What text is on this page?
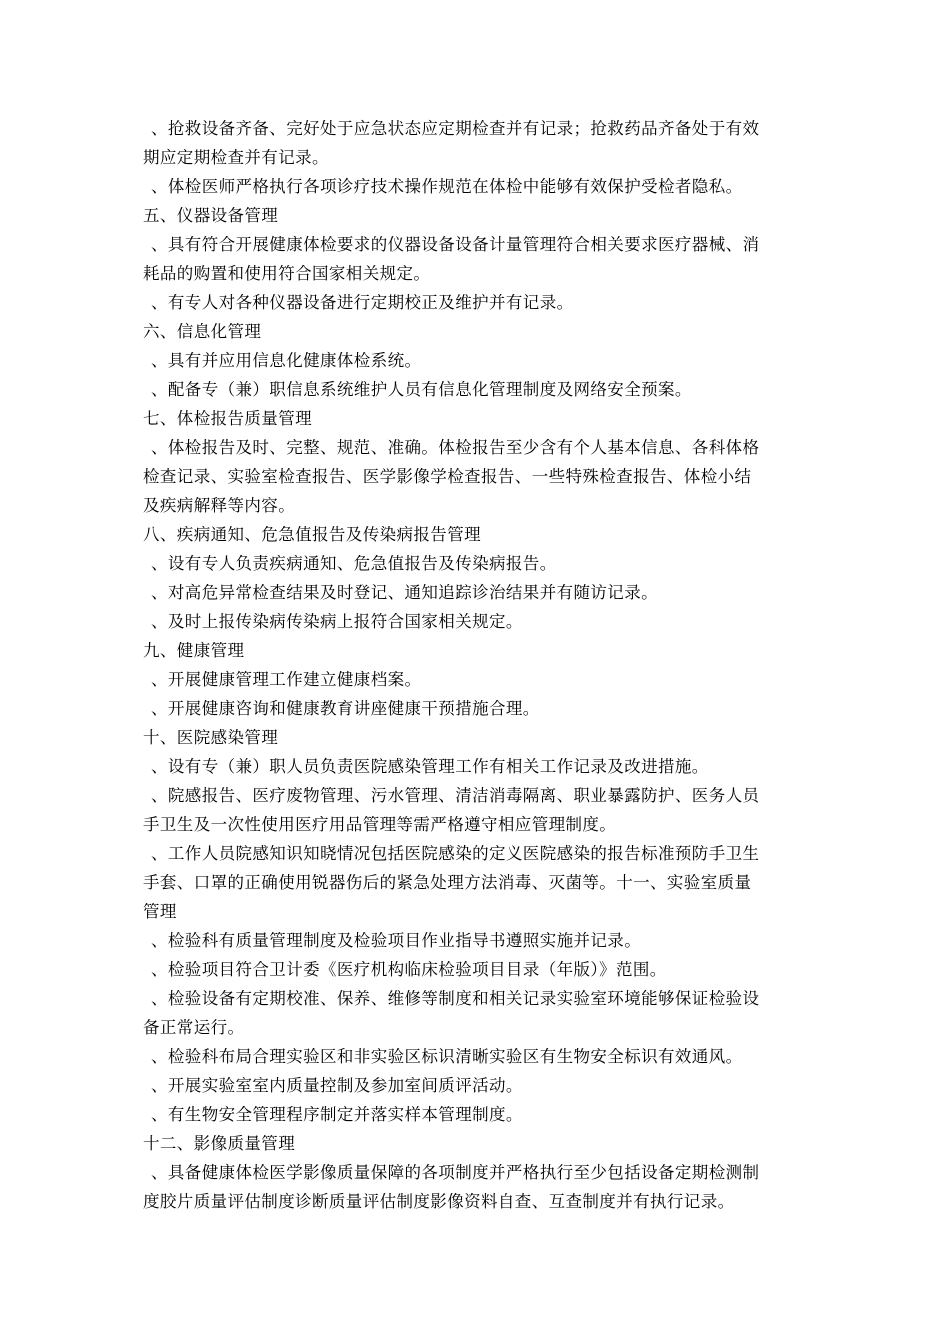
、抢救设备齐备、完好处于应急状态应定期检查并有记录；抢救药品齐备处于有效
期应定期检查并有记录。
、体检医师严格执行各项诊疗技术操作规范在体检中能够有效保护受检者隐私。
五、仪器设备管理
、具有符合开展健康体检要求的仪器设备设备计量管理符合相关要求医疗器械、消
耗品的购置和使用符合国家相关规定。
、有专人对各种仪器设备进行定期校正及维护并有记录。
六、信息化管理
、具有并应用信息化健康体检系统。
、配备专（兼）职信息系统维护人员有信息化管理制度及网络安全预案。
七、体检报告质量管理
、体检报告及时、完整、规范、准确。体检报告至少含有个人基本信息、各科体格
检查记录、实验室检查报告、医学影像学检查报告、一些特殊检查报告、体检小结
及疾病解释等内容。
八、疾病通知、危急值报告及传染病报告管理
、设有专人负责疾病通知、危急值报告及传染病报告。
、对高危异常检查结果及时登记、通知追踪诊治结果并有随访记录。
、及时上报传染病传染病上报符合国家相关规定。
九、健康管理
、开展健康管理工作建立健康档案。
、开展健康咨询和健康教育讲座健康干预措施合理。
十、医院感染管理
、设有专（兼）职人员负责医院感染管理工作有相关工作记录及改进措施。
、院感报告、医疗废物管理、污水管理、清洁消毒隔离、职业暴露防护、医务人员
手卫生及一次性使用医疗用品管理等需严格遵守相应管理制度。
、工作人员院感知识知晓情况包括医院感染的定义医院感染的报告标准预防手卫生
手套、口罩的正确使用锐器伤后的紧急处理方法消毒、灭菌等。十一、实验室质量
管理
、检验科有质量管理制度及检验项目作业指导书遵照实施并记录。
、检验项目符合卫计委《医疗机构临床检验项目目录（年版）》范围。
、检验设备有定期校准、保养、维修等制度和相关记录实验室环境能够保证检验设
备正常运行。
、检验科布局合理实验区和非实验区标识清晰实验区有生物安全标识有效通风。
、开展实验室室内质量控制及参加室间质评活动。
、有生物安全管理程序制定并落实样本管理制度。
十二、影像质量管理
、具备健康体检医学影像质量保障的各项制度并严格执行至少包括设备定期检测制
度胶片质量评估制度诊断质量评估制度影像资料自查、互查制度并有执行记录。
